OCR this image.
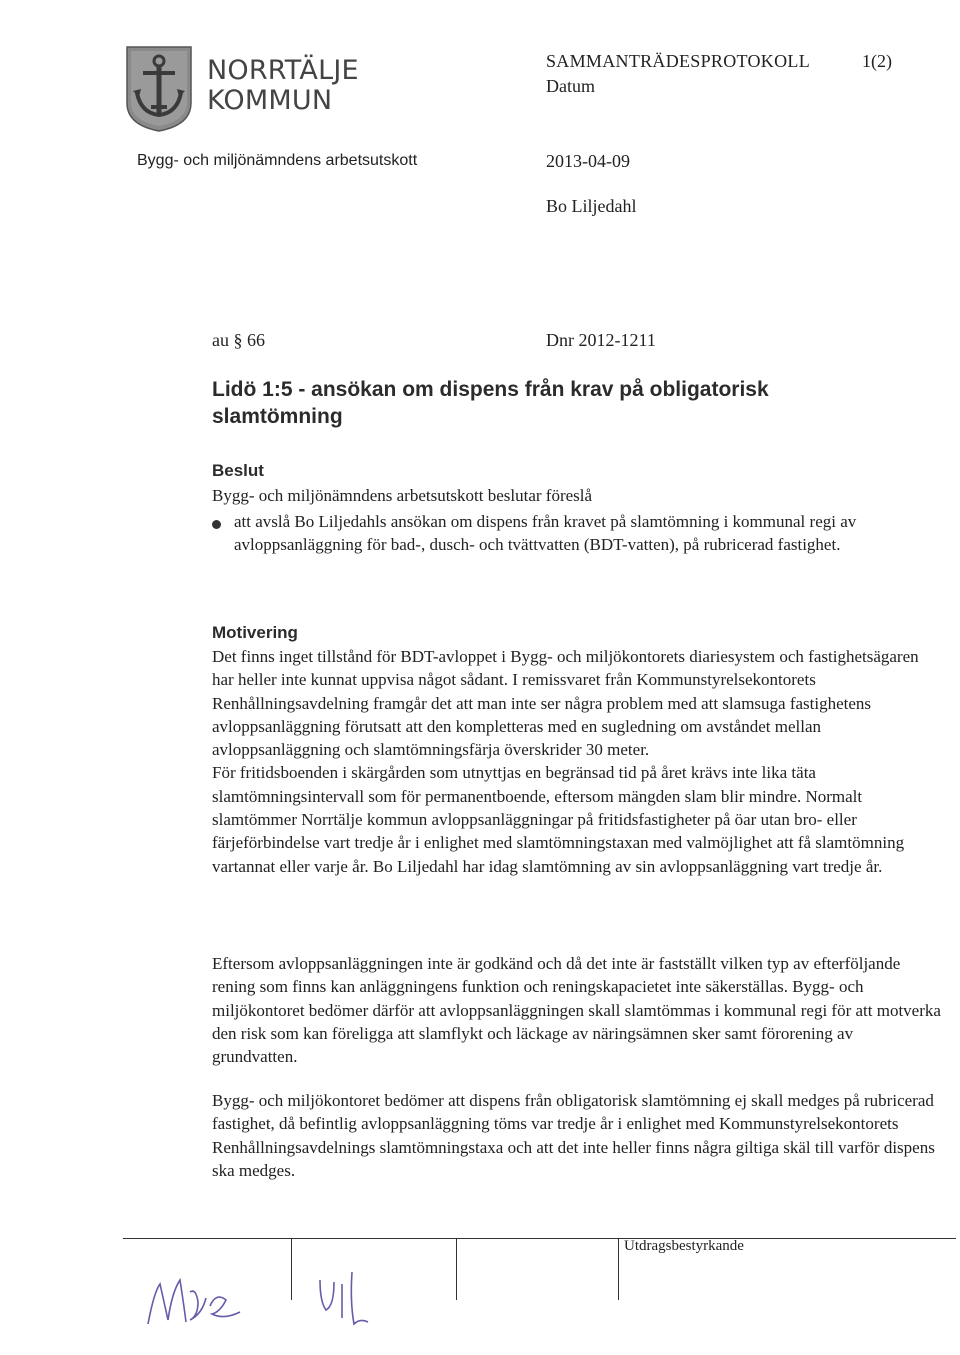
NORRTÄLJE
KOMMUN
Bygg- och miljönämndens arbetsutskott
SAMMANTRÄDESPROTOKOLL	1(2)
Datum
2013-04-09
Bo Liljedahl
au § 66	Dnr 2012-1211
Lidö 1:5 - ansökan om dispens från krav på obligatorisk slamtömning
Beslut
Bygg- och miljönämndens arbetsutskott beslutar föreslå
att avslå Bo Liljedahls ansökan om dispens från kravet på slamtömning i kommunal regi av avloppsanläggning för bad-, dusch- och tvättvatten (BDT-vatten), på rubricerad fastighet.
Motivering

Det finns inget tillstånd för BDT-avloppet i Bygg- och miljökontorets diariesystem och fastighetsägaren har heller inte kunnat uppvisa något sådant. I remissvaret från Kommunstyrelsekontorets Renhållningsavdelning framgår det att man inte ser några problem med att slamsuga fastighetens avloppsanläggning förutsatt att den kompletteras med en sugledning om avståndet mellan avloppsanläggning och slamtömningsfärja överskrider 30 meter.

För fritidsboenden i skärgården som utnyttjas en begränsad tid på året krävs inte lika täta slamtömningsintervall som för permanentboende, eftersom mängden slam blir mindre. Normalt slamtömmer Norrtälje kommun avloppsanläggningar på fritidsfastigheter på öar utan bro- eller färjeförbindelse vart tredje år i enlighet med slamtömningstaxan med valmöjlighet att få slamtömning vartannat eller varje år. Bo Liljedahl har idag slamtömning av sin avloppsanläggning vart tredje år.

Eftersom avloppsanläggningen inte är godkänd och då det inte är fastställt vilken typ av efterföljande rening som finns kan anläggningens funktion och reningskapacietet inte säkerställas. Bygg- och miljökontoret bedömer därför att avloppsanläggningen skall slamtömmas i kommunal regi för att motverka den risk som kan föreligga att slamflykt och läckage av näringsämnen sker samt förorening av grundvatten.
Bygg- och miljökontoret bedömer att dispens från obligatorisk slamtömning ej skall medges på rubricerad fastighet, då befintlig avloppsanläggning töms var tredje år i enlighet med Kommunstyrelsekontorets Renhållningsavdelnings slamtömningstaxa och att det inte heller finns några giltiga skäl till varför dispens ska medges.
Utdragsbestyrkande
